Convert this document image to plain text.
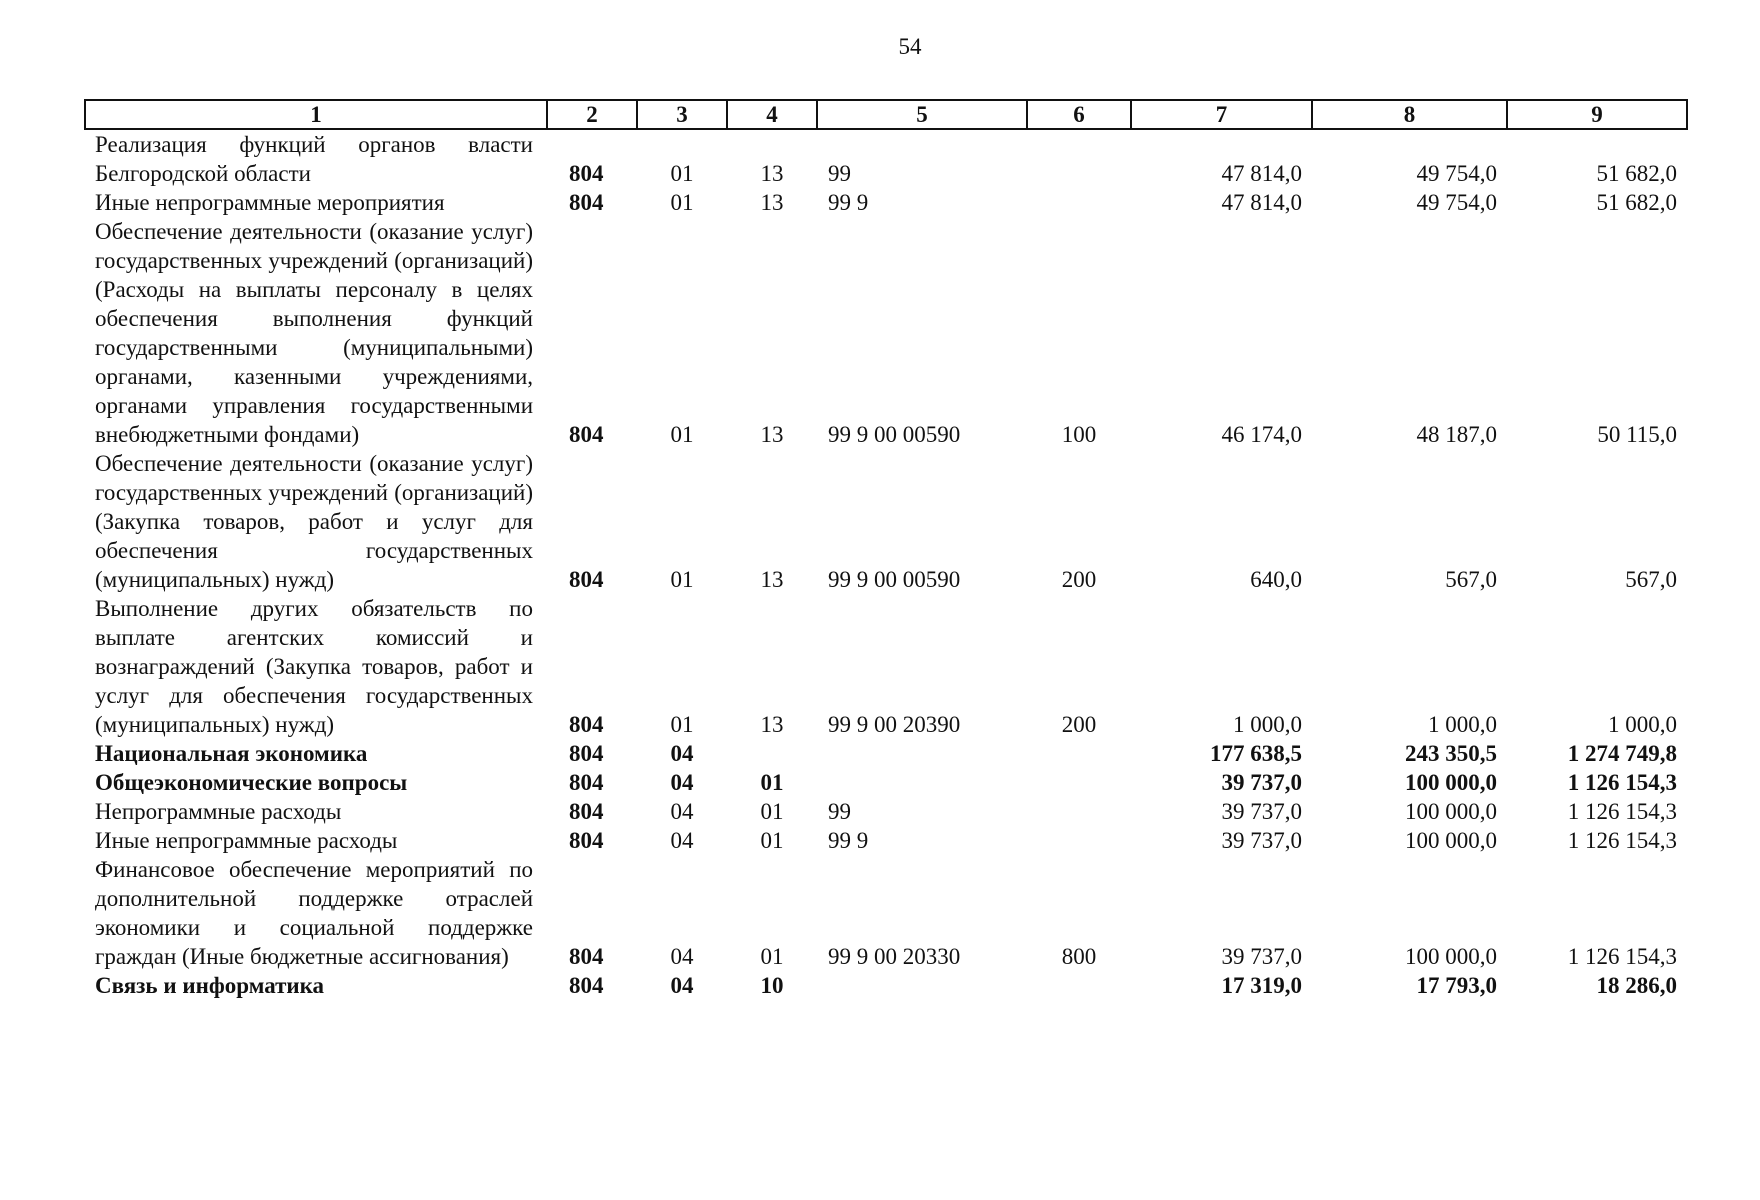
54
1	2	3	4	5	6	7	8	9
Реализация функций органов власти Белгородской области	804	01	13	99		47 814,0	49 754,0	51 682,0
Иные непрограммные мероприятия	804	01	13	99 9		47 814,0	49 754,0	51 682,0
Обеспечение деятельности (оказание услуг) государственных учреждений (организаций) (Расходы на выплаты персоналу в целях обеспечения выполнения функций государственными (муниципальными) органами, казенными учреждениями, органами управления государственными внебюджетными фондами)	804	01	13	99 9 00 00590	100	46 174,0	48 187,0	50 115,0
Обеспечение деятельности (оказание услуг) государственных учреждений (организаций) (Закупка товаров, работ и услуг для обеспечения государственных (муниципальных) нужд)	804	01	13	99 9 00 00590	200	640,0	567,0	567,0
Выполнение других обязательств по выплате агентских комиссий и вознаграждений (Закупка товаров, работ и услуг для обеспечения государственных (муниципальных) нужд)	804	01	13	99 9 00 20390	200	1 000,0	1 000,0	1 000,0
Национальная экономика	804	04				177 638,5	243 350,5	1 274 749,8
Общеэкономические вопросы	804	04	01			39 737,0	100 000,0	1 126 154,3
Непрограммные расходы	804	04	01	99		39 737,0	100 000,0	1 126 154,3
Иные непрограммные расходы	804	04	01	99 9		39 737,0	100 000,0	1 126 154,3
Финансовое обеспечение мероприятий по дополнительной поддержке отраслей экономики и социальной поддержке граждан (Иные бюджетные ассигнования)	804	04	01	99 9 00 20330	800	39 737,0	100 000,0	1 126 154,3
Связь и информатика	804	04	10			17 319,0	17 793,0	18 286,0
